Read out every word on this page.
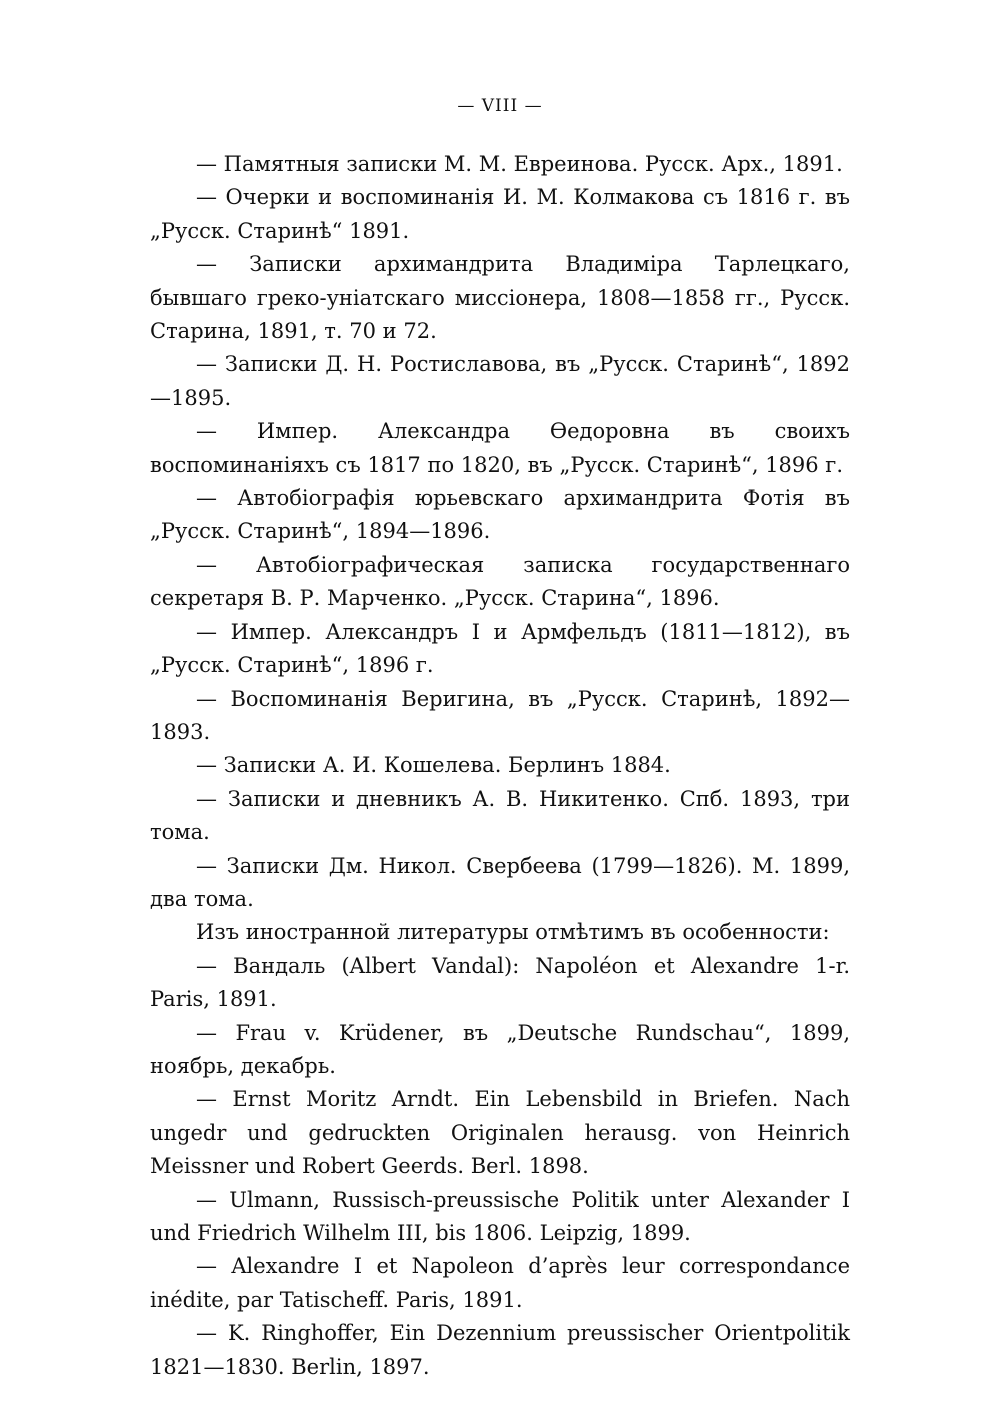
— VIII —

— Памятныя записки М. М. Евреинова. Русск. Арх., 1891.

— Очерки и воспоминанія И. М. Колмакова съ 1816 г. въ „Русск. Старинѣ“ 1891.

— Записки архимандрита Владиміра Тарлецкаго, бывшаго греко-уніатскаго миссіонера, 1808—1858 гг., Русск. Старина, 1891, т. 70 и 72.

— Записки Д. Н. Ростиславова, въ „Русск. Старинѣ“, 1892—1895.

— Импер. Александра Ѳедоровна въ своихъ воспоминаніяхъ съ 1817 по 1820, въ „Русск. Старинѣ“, 1896 г.

— Автобіографія юрьевскаго архимандрита Фотія въ „Русск. Старинѣ“, 1894—1896.

— Автобіографическая записка государственнаго секретаря В. Р. Марченко. „Русск. Старина“, 1896.

— Импер. Александръ I и Армфельдъ (1811—1812), въ „Русск. Старинѣ“, 1896 г.

— Воспоминанія Веригина, въ „Русск. Старинѣ, 1892—1893.

— Записки А. И. Кошелева. Берлинъ 1884.

— Записки и дневникъ А. В. Никитенко. Спб. 1893, три тома.

— Записки Дм. Никол. Свербеева (1799—1826). М. 1899, два тома.

Изъ иностранной литературы отмѣтимъ въ особенности:

— Вандаль (Albert Vandal): Napoléon et Alexandre 1-r. Paris, 1891.

— Frau v. Krüdener, въ „Deutsche Rundschau“, 1899, ноябрь, декабрь.

— Ernst Moritz Arndt. Ein Lebensbild in Briefen. Nach ungedr und gedruckten Originalen herausg. von Heinrich Meissner und Robert Geerds. Berl. 1898.

— Ulmann, Russisch-preussische Politik unter Alexander I und Friedrich Wilhelm III, bis 1806. Leipzig, 1899.

— Alexandre I et Napoleon d’après leur correspondance inédite, par Tatischeff. Paris, 1891.

— K. Ringhoffer, Ein Dezennium preussischer Orientpolitik 1821—1830. Berlin, 1897.
